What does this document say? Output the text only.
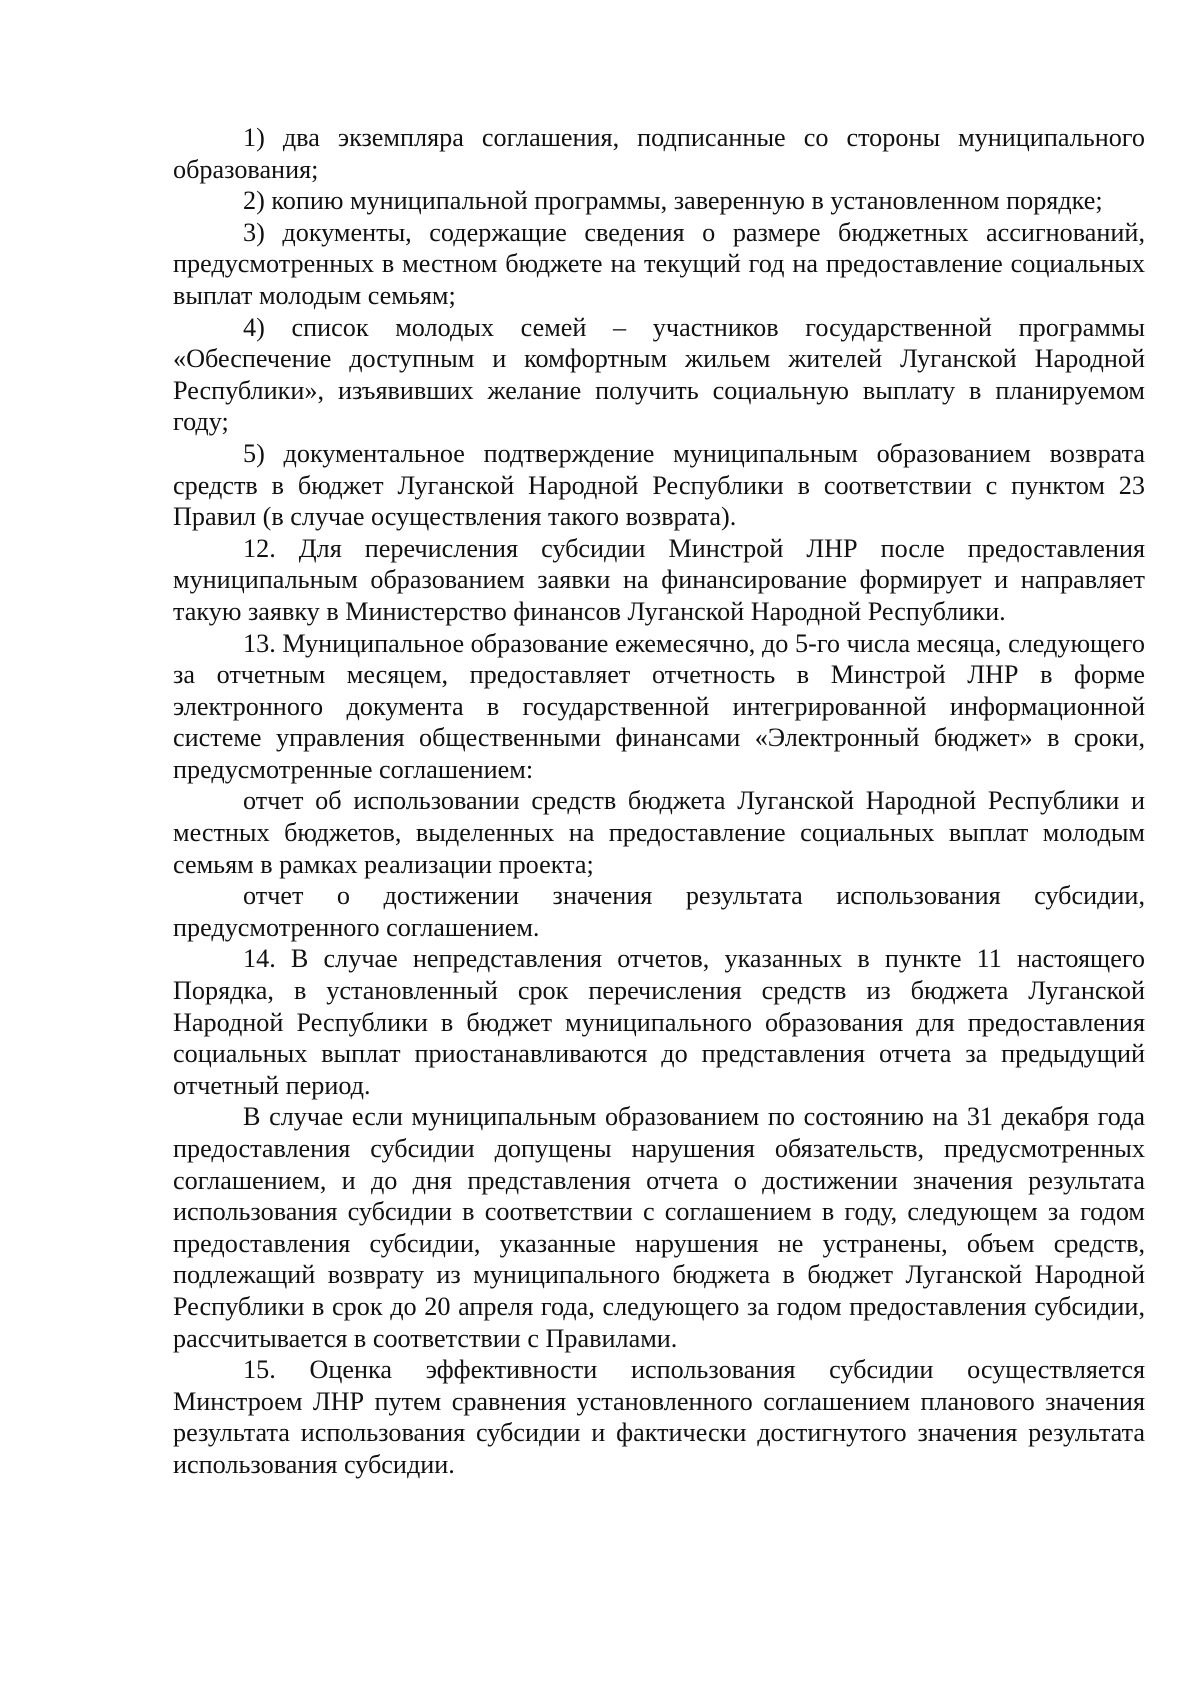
1) два экземпляра соглашения, подписанные со стороны муниципального образования;

2) копию муниципальной программы, заверенную в установленном порядке;

3) документы, содержащие сведения о размере бюджетных ассигнований, предусмотренных в местном бюджете на текущий год на предоставление социальных выплат молодым семьям;

4) список молодых семей – участников государственной программы «Обеспечение доступным и комфортным жильем жителей Луганской Народной Республики», изъявивших желание получить социальную выплату в планируемом году;

5) документальное подтверждение муниципальным образованием возврата средств в бюджет Луганской Народной Республики в соответствии с пунктом 23 Правил (в случае осуществления такого возврата).

12. Для перечисления субсидии Минстрой ЛНР после предоставления муниципальным образованием заявки на финансирование формирует и направляет такую заявку в Министерство финансов Луганской Народной Республики.

13. Муниципальное образование ежемесячно, до 5-го числа месяца, следующего за отчетным месяцем, предоставляет отчетность в Минстрой ЛНР в форме электронного документа в государственной интегрированной информационной системе управления общественными финансами «Электронный бюджет» в сроки, предусмотренные соглашением:

отчет об использовании средств бюджета Луганской Народной Республики и местных бюджетов, выделенных на предоставление социальных выплат молодым семьям в рамках реализации проекта;

отчет о достижении значения результата использования субсидии, предусмотренного соглашением.

14. В случае непредставления отчетов, указанных в пункте 11 настоящего Порядка, в установленный срок перечисления средств из бюджета Луганской Народной Республики в бюджет муниципального образования для предоставления социальных выплат приостанавливаются до представления отчета за предыдущий отчетный период.

В случае если муниципальным образованием по состоянию на 31 декабря года предоставления субсидии допущены нарушения обязательств, предусмотренных соглашением, и до дня представления отчета о достижении значения результата использования субсидии в соответствии с соглашением в году, следующем за годом предоставления субсидии, указанные нарушения не устранены, объем средств, подлежащий возврату из муниципального бюджета в бюджет Луганской Народной Республики в срок до 20 апреля года, следующего за годом предоставления субсидии, рассчитывается в соответствии с Правилами.

15. Оценка эффективности использования субсидии осуществляется Минстроем ЛНР путем сравнения установленного соглашением планового значения результата использования субсидии и фактически достигнутого значения результата использования субсидии.
